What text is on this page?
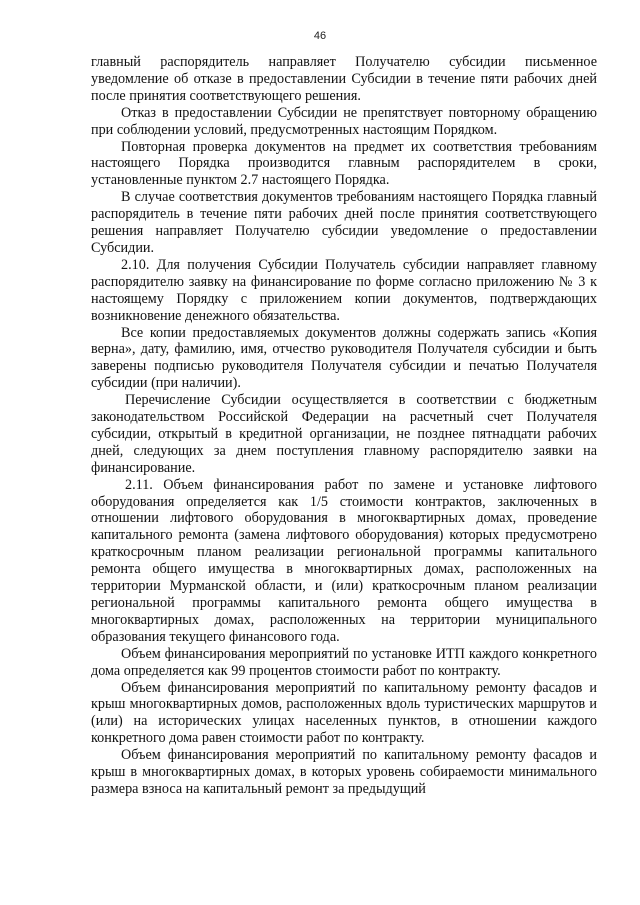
46

главный распорядитель направляет Получателю субсидии письменное уведомление об отказе в предоставлении Субсидии в течение пяти рабочих дней после принятия соответствующего решения.

Отказ в предоставлении Субсидии не препятствует повторному обращению при соблюдении условий, предусмотренных настоящим Порядком.

Повторная проверка документов на предмет их соответствия требованиям настоящего Порядка производится главным распорядителем в сроки, установленные пунктом 2.7 настоящего Порядка.

В случае соответствия документов требованиям настоящего Порядка главный распорядитель в течение пяти рабочих дней после принятия соответствующего решения направляет Получателю субсидии уведомление о предоставлении Субсидии.

2.10. Для получения Субсидии Получатель субсидии направляет главному распорядителю заявку на финансирование по форме согласно приложению № 3 к настоящему Порядку с приложением копии документов, подтверждающих возникновение денежного обязательства.

Все копии предоставляемых документов должны содержать запись «Копия верна», дату, фамилию, имя, отчество руководителя Получателя субсидии и быть заверены подписью руководителя Получателя субсидии и печатью Получателя субсидии (при наличии).

Перечисление Субсидии осуществляется в соответствии с бюджетным законодательством Российской Федерации на расчетный счет Получателя субсидии, открытый в кредитной организации, не позднее пятнадцати рабочих дней, следующих за днем поступления главному распорядителю заявки на финансирование.

2.11. Объем финансирования работ по замене и установке лифтового оборудования определяется как 1/5 стоимости контрактов, заключенных в отношении лифтового оборудования в многоквартирных домах, проведение капитального ремонта (замена лифтового оборудования) которых предусмотрено краткосрочным планом реализации региональной программы капитального ремонта общего имущества в многоквартирных домах, расположенных на территории Мурманской области, и (или) краткосрочным планом реализации региональной программы капитального ремонта общего имущества в многоквартирных домах, расположенных на территории муниципального образования текущего финансового года.

Объем финансирования мероприятий по установке ИТП каждого конкретного дома определяется как 99 процентов стоимости работ по контракту.

Объем финансирования мероприятий по капитальному ремонту фасадов и крыш многоквартирных домов, расположенных вдоль туристических маршрутов и (или) на исторических улицах населенных пунктов, в отношении каждого конкретного дома равен стоимости работ по контракту.

Объем финансирования мероприятий по капитальному ремонту фасадов и крыш в многоквартирных домах, в которых уровень собираемости минимального размера взноса на капитальный ремонт за предыдущий
